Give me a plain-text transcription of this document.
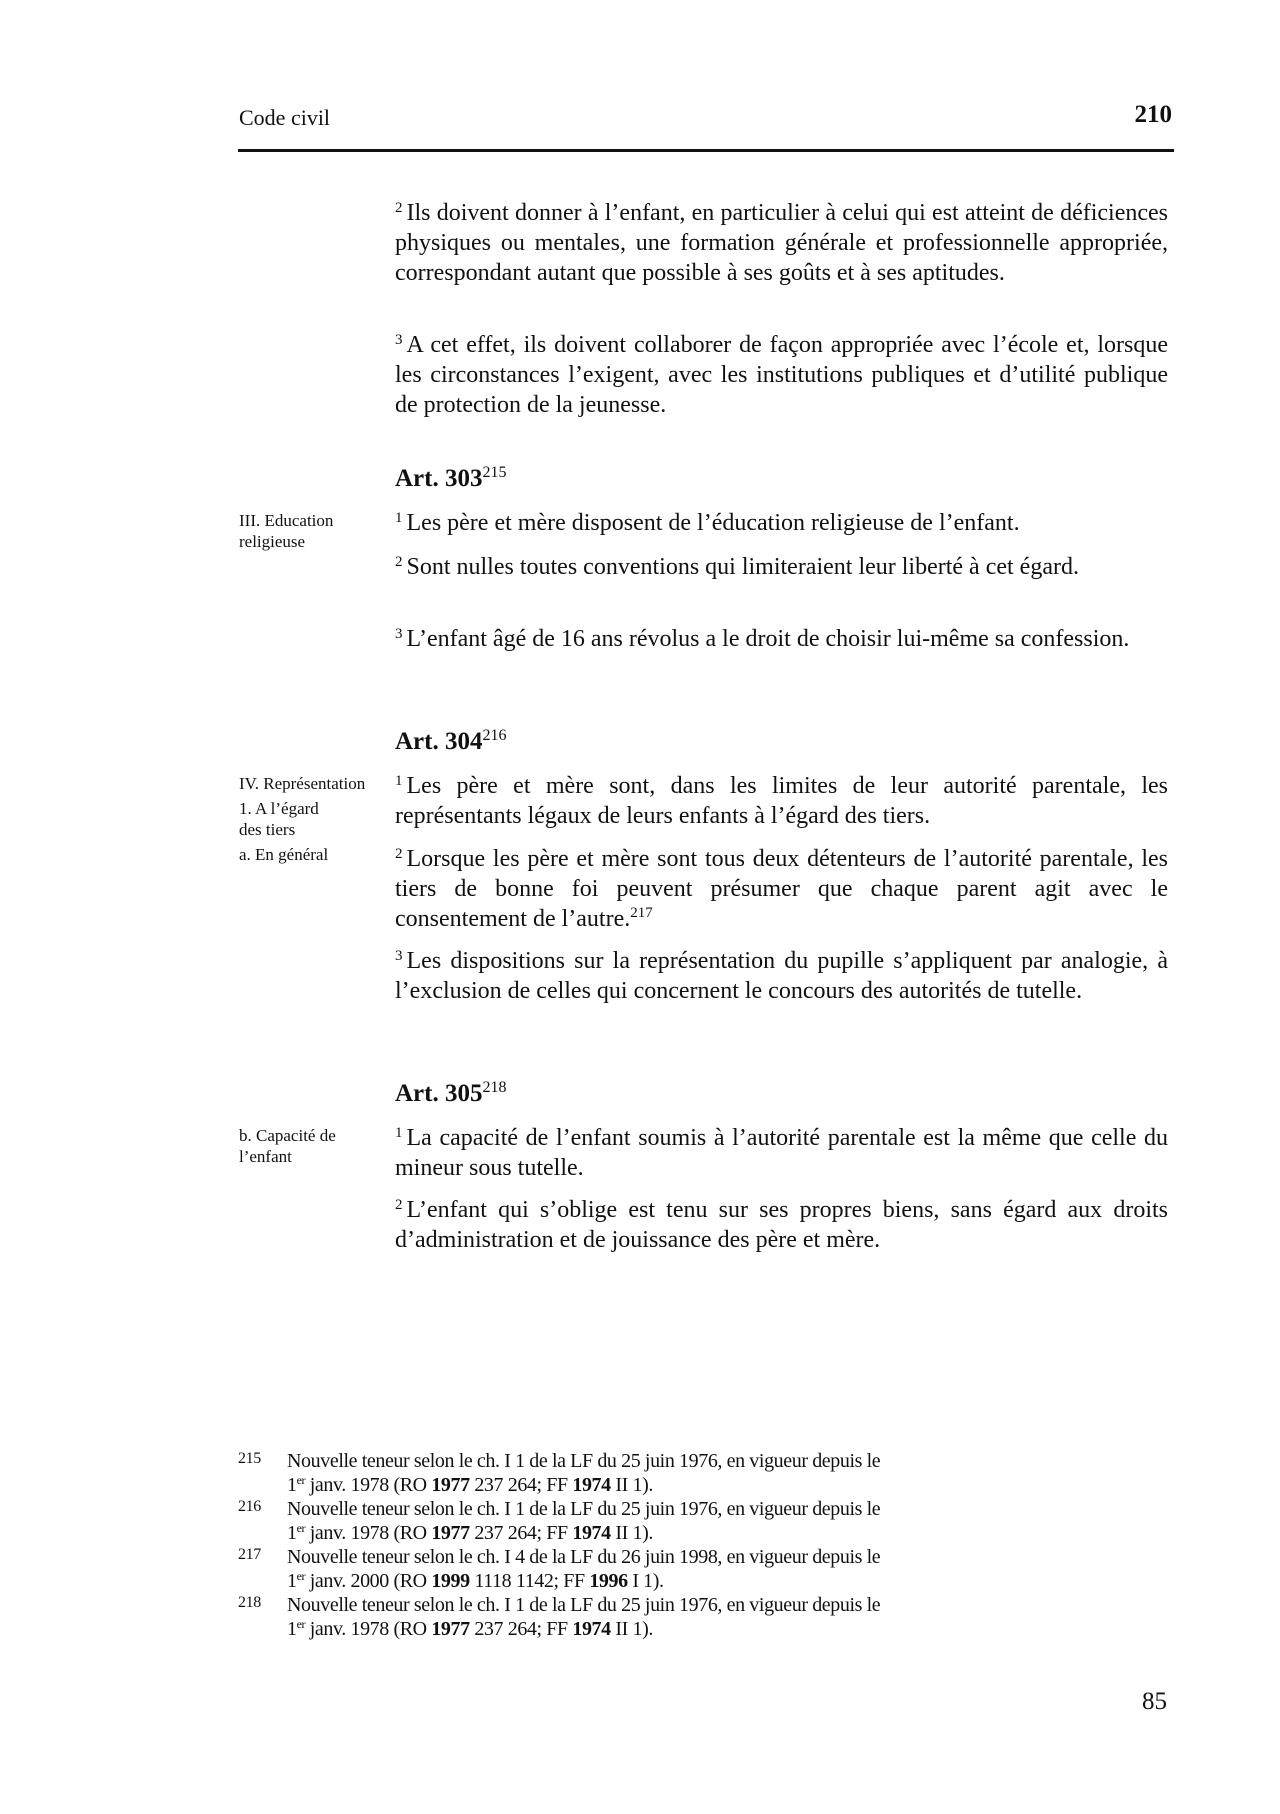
Code civil	210

$^2$ Ils doivent donner à l’enfant, en particulier à celui qui est atteint de déficiences physiques ou mentales, une formation générale et professionnelle appropriée, correspondant autant que possible à ses goûts et à ses aptitudes.

$^3$ A cet effet, ils doivent collaborer de façon appropriée avec l’école et, lorsque les circonstances l’exigent, avec les institutions publiques et d’utilité publique de protection de la jeunesse.

Art. $303^{215}$
III. Education religieuse

$^1$ Les père et mère disposent de l’éducation religieuse de l’enfant.

$^2$ Sont nulles toutes conventions qui limiteraient leur liberté à cet égard.

$^3$ L’enfant âgé de 16 ans révolus a le droit de choisir lui-même sa confession.

Art. $304^{216}$
IV. Représentation
1. A l’égard des tiers
a. En général

$^1$ Les père et mère sont, dans les limites de leur autorité parentale, les représentants légaux de leurs enfants à l’égard des tiers.

$^2$ Lorsque les père et mère sont tous deux détenteurs de l’autorité parentale, les tiers de bonne foi peuvent présumer que chaque parent agit avec le consentement de l’autre.$^{217}$

$^3$ Les dispositions sur la représentation du pupille s’appliquent par analogie, à l’exclusion de celles qui concernent le concours des autorités de tutelle.

Art. $305^{218}$
b. Capacité de l’enfant

$^1$ La capacité de l’enfant soumis à l’autorité parentale est la même que celle du mineur sous tutelle.

$^2$ L’enfant qui s’oblige est tenu sur ses propres biens, sans égard aux droits d’administration et de jouissance des père et mère.

215 Nouvelle teneur selon le ch. I 1 de la LF du 25 juin 1976, en vigueur depuis le
1er janv. 1978 (RO 1977 237 264; FF 1974 II 1).
216 Nouvelle teneur selon le ch. I 1 de la LF du 25 juin 1976, en vigueur depuis le
1er janv. 1978 (RO 1977 237 264; FF 1974 II 1).
217 Nouvelle teneur selon le ch. I 4 de la LF du 26 juin 1998, en vigueur depuis le
1er janv. 2000 (RO 1999 1118 1142; FF 1996 I 1).
218 Nouvelle teneur selon le ch. I 1 de la LF du 25 juin 1976, en vigueur depuis le
1er janv. 1978 (RO 1977 237 264; FF 1974 II 1).
85
